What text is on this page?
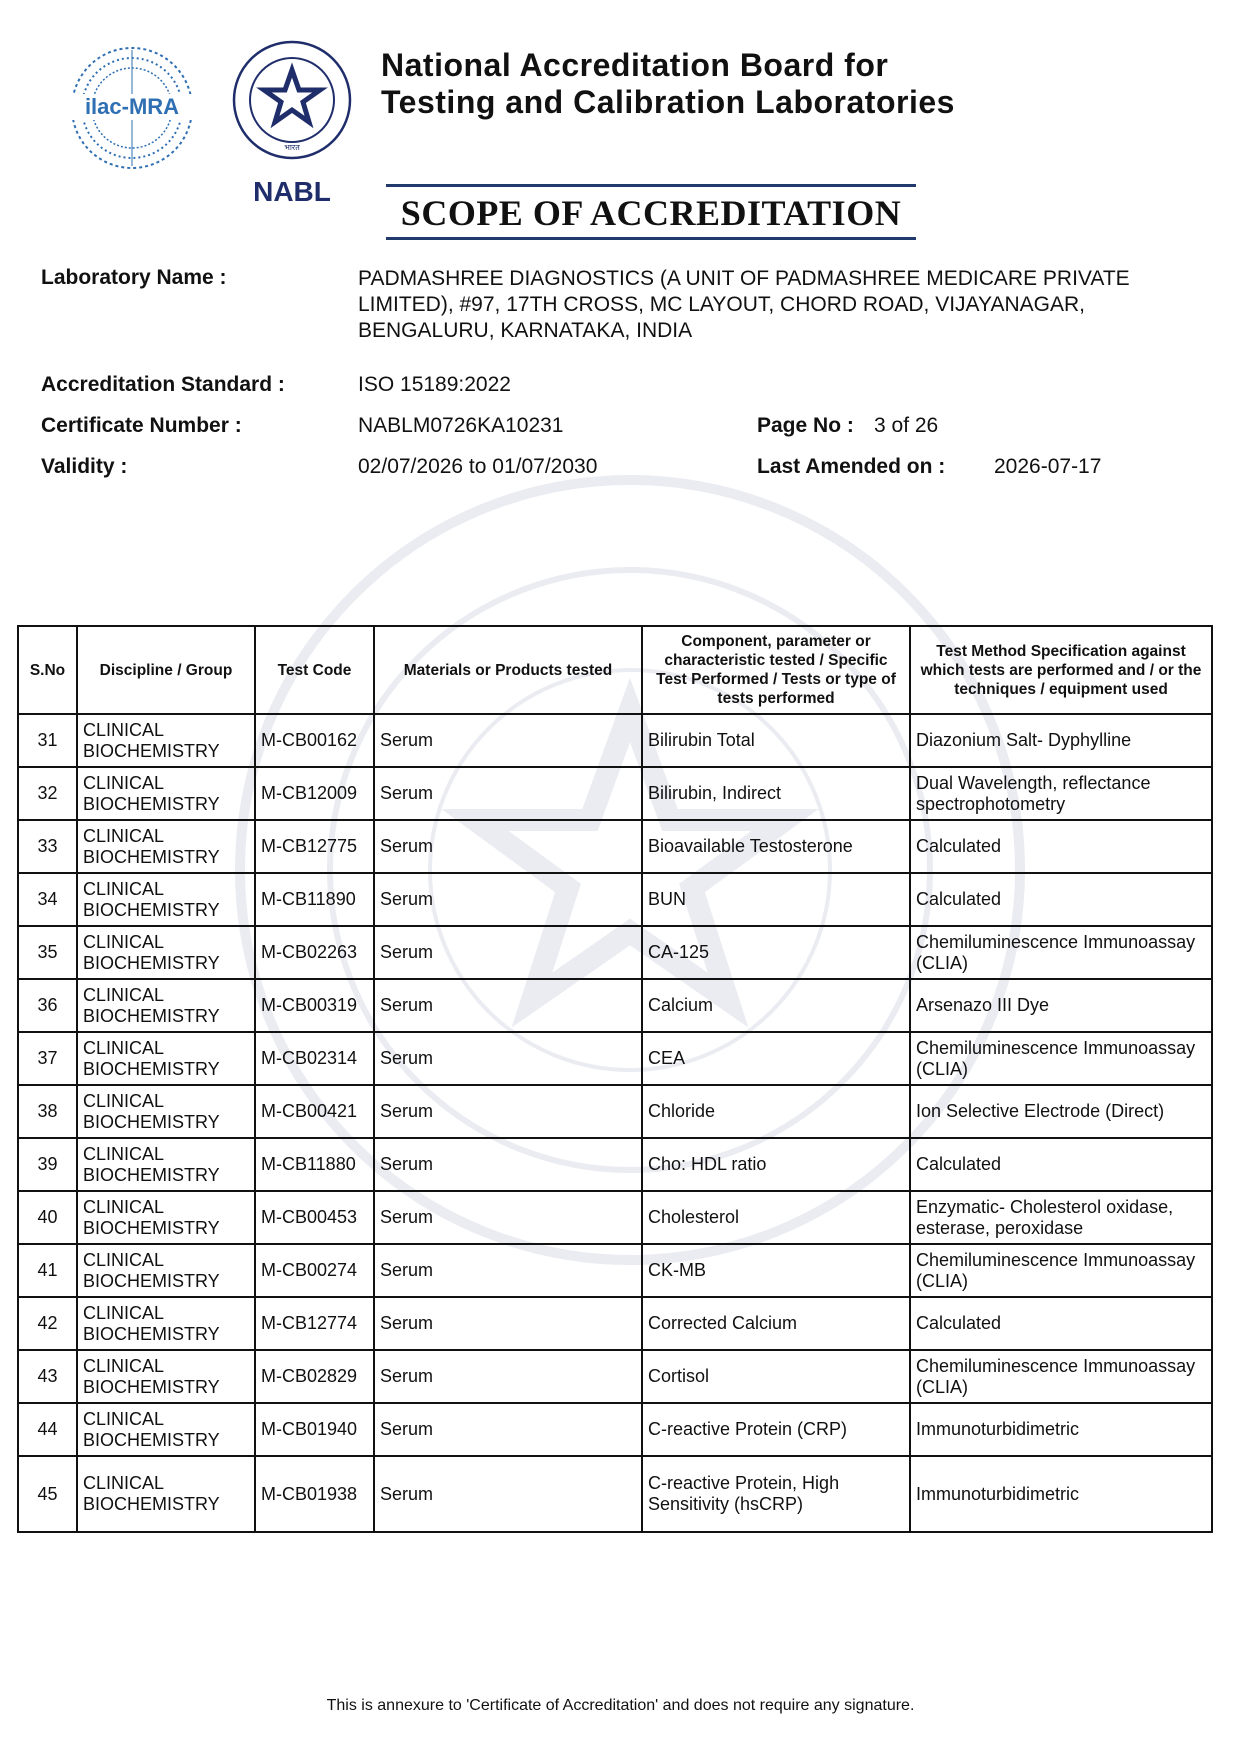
ilac-MRA
भारत
NABL
National Accreditation Board for
Testing and Calibration Laboratories
SCOPE OF ACCREDITATION
Laboratory Name :	PADMASHREE DIAGNOSTICS (A UNIT OF PADMASHREE MEDICARE PRIVATE LIMITED), #97, 17TH CROSS, MC LAYOUT, CHORD ROAD, VIJAYANAGAR, BENGALURU, KARNATAKA, INDIA
Accreditation Standard :	ISO 15189:2022
Certificate Number :	NABLM0726KA10231	Page No : 3 of 26
Validity :	02/07/2026 to 01/07/2030	Last Amended on : 2026-07-17
S.No	Discipline / Group	Test Code	Materials or Products tested	Component, parameter or characteristic tested / Specific Test Performed / Tests or type of tests performed	Test Method Specification against which tests are performed and / or the techniques / equipment used
31	CLINICAL BIOCHEMISTRY	M-CB00162	Serum	Bilirubin Total	Diazonium Salt- Dyphylline
32	CLINICAL BIOCHEMISTRY	M-CB12009	Serum	Bilirubin, Indirect	Dual Wavelength, reflectance spectrophotometry
33	CLINICAL BIOCHEMISTRY	M-CB12775	Serum	Bioavailable Testosterone	Calculated
34	CLINICAL BIOCHEMISTRY	M-CB11890	Serum	BUN	Calculated
35	CLINICAL BIOCHEMISTRY	M-CB02263	Serum	CA-125	Chemiluminescence Immunoassay (CLIA)
36	CLINICAL BIOCHEMISTRY	M-CB00319	Serum	Calcium	Arsenazo III Dye
37	CLINICAL BIOCHEMISTRY	M-CB02314	Serum	CEA	Chemiluminescence Immunoassay (CLIA)
38	CLINICAL BIOCHEMISTRY	M-CB00421	Serum	Chloride	Ion Selective Electrode (Direct)
39	CLINICAL BIOCHEMISTRY	M-CB11880	Serum	Cho: HDL ratio	Calculated
40	CLINICAL BIOCHEMISTRY	M-CB00453	Serum	Cholesterol	Enzymatic- Cholesterol oxidase, esterase, peroxidase
41	CLINICAL BIOCHEMISTRY	M-CB00274	Serum	CK-MB	Chemiluminescence Immunoassay (CLIA)
42	CLINICAL BIOCHEMISTRY	M-CB12774	Serum	Corrected Calcium	Calculated
43	CLINICAL BIOCHEMISTRY	M-CB02829	Serum	Cortisol	Chemiluminescence Immunoassay (CLIA)
44	CLINICAL BIOCHEMISTRY	M-CB01940	Serum	C-reactive Protein (CRP)	Immunoturbidimetric
45	CLINICAL BIOCHEMISTRY	M-CB01938	Serum	C-reactive Protein, High Sensitivity (hsCRP)	Immunoturbidimetric
This is annexure to 'Certificate of Accreditation' and does not require any signature.
